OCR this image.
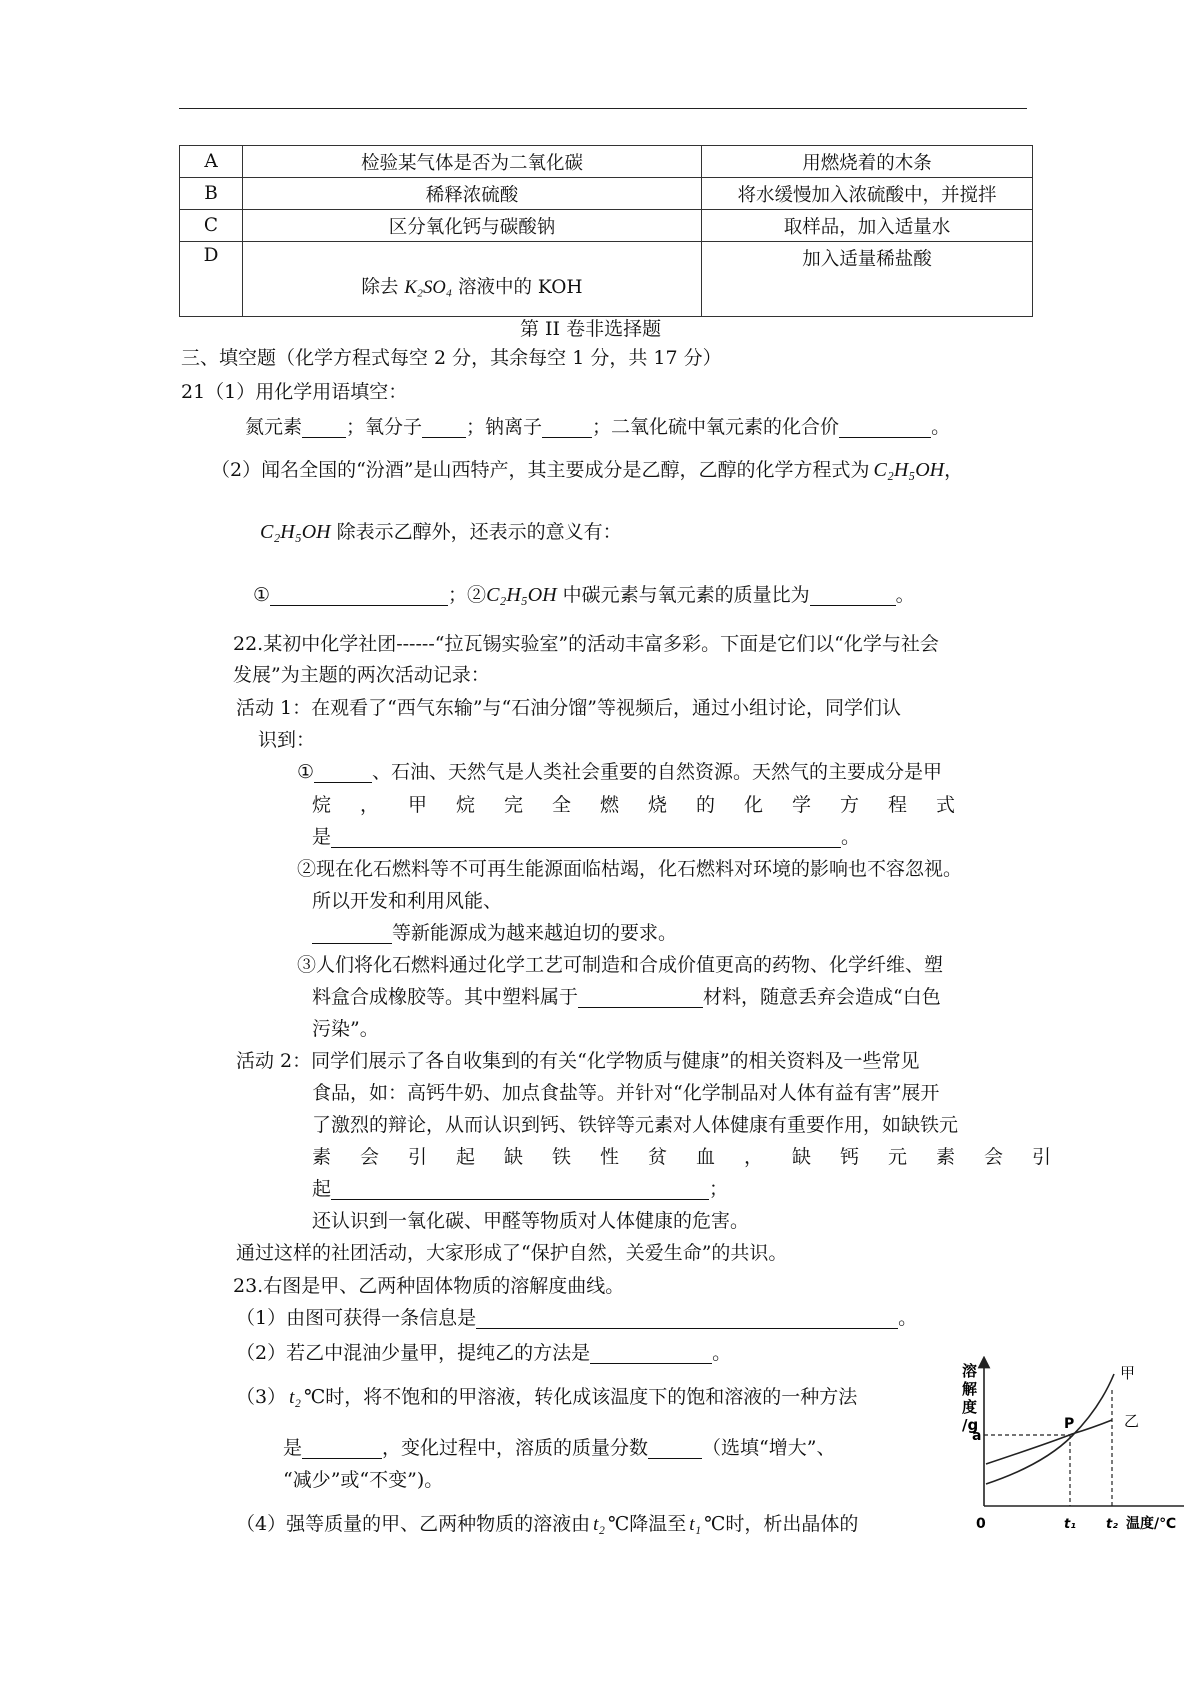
A	检验某气体是否为二氧化碳	用燃烧着的木条
B	稀释浓硫酸	将水缓慢加入浓硫酸中，并搅拌
C	区分氧化钙与碳酸钠	取样品，加入适量水
D	除去 K₂SO₄ 溶液中的 KOH	加入适量稀盐酸
第 II 卷非选择题
三、填空题（化学方程式每空 2 分，其余每空 1 分，共 17 分）
21（1）用化学用语填空：
氮元素 ；氧分子 ；钠离子	；二氧化硫中氧元素的化合价	。
（2）闻名全国的“汾酒”是山西特产，其主要成分是乙醇，乙醇的化学方程式为 C₂H₅OH，
C₂H₅OH 除表示乙醇外，还表示的意义有：
①	；②C₂H₅OH 中碳元素与氧元素的质量比为	。
22.某初中化学社团------“拉瓦锡实验室”的活动丰富多彩。下面是它们以“化学与社会
发展”为主题的两次活动记录：
活动 1：在观看了“西气东输”与“石油分馏”等视频后，通过小组讨论，同学们认
识到：
①	、石油、天然气是人类社会重要的自然资源。天然气的主要成分是甲
烷，甲烷完全燃烧的化学方程式
是	。
②现在化石燃料等不可再生能源面临枯竭，化石燃料对环境的影响也不容忽视。
所以开发和利用风能、
等新能源成为越来越迫切的要求。
③人们将化石燃料通过化学工艺可制造和合成价值更高的药物、化学纤维、塑
料盒合成橡胶等。其中塑料属于	材料，随意丢弃会造成“白色
污染”。
活动 2：同学们展示了各自收集到的有关“化学物质与健康”的相关资料及一些常见
食品，如：高钙牛奶、加点食盐等。并针对“化学制品对人体有益有害”展开
了激烈的辩论，从而认识到钙、铁锌等元素对人体健康有重要作用，如缺铁元
素会引起缺铁性贫血，缺钙元素会引
起	；
还认识到一氧化碳、甲醛等物质对人体健康的危害。
通过这样的社团活动，大家形成了“保护自然，关爱生命”的共识。
23.右图是甲、乙两种固体物质的溶解度曲线。
（1）由图可获得一条信息是	。
（2）若乙中混油少量甲，提纯乙的方法是	。
（3） t₂ ℃时，将不饱和的甲溶液，转化成该温度下的饱和溶液的一种方法
是	，变化过程中，溶质的质量分数	（选填“增大”、
“减少”或“不变”)。
（4）强等质量的甲、乙两种物质的溶液由 t₂ ℃降温至 t₁ ℃时，析出晶体的
溶
解
度
/g
甲
乙
P
a
0	t₁ t₂ 温度/℃
